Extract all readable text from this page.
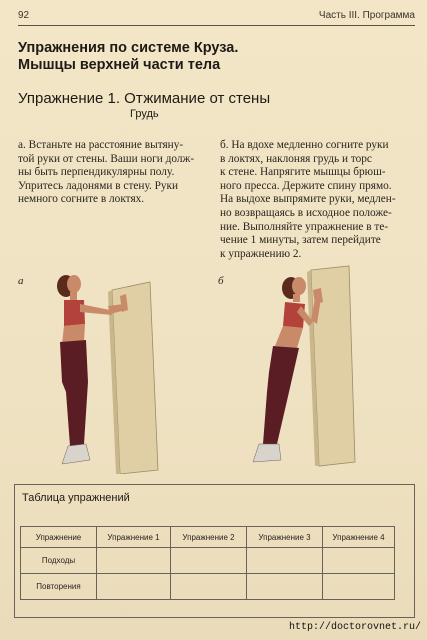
92	Часть III. Программа
Упражнения по системе Круза.
Мышцы верхней части тела
Упражнение 1. Отжимание от стены
Грудь
а. Встаньте на расстояние вытяну-
той руки от стены. Ваши ноги долж-
ны быть перпендикулярны полу.
Упритесь ладонями в стену. Руки
немного согните в локтях.
б. На вдохе медленно согните руки
в локтях, наклоняя грудь и торс
к стене. Напрягите мышцы брюш-
ного пресса. Держите спину прямо.
На выдохе выпрямите руки, медлен-
но возвращаясь в исходное положе-
ние. Выполняйте упражнение в те-
чение 1 минуты, затем перейдите
к упражнению 2.
а	б
Таблица упражнений
Упражнение	Упражнение 1	Упражнение 2	Упражнение 3	Упражнение 4
Подходы				
Повторения				
http://doctorovnet.ru/
